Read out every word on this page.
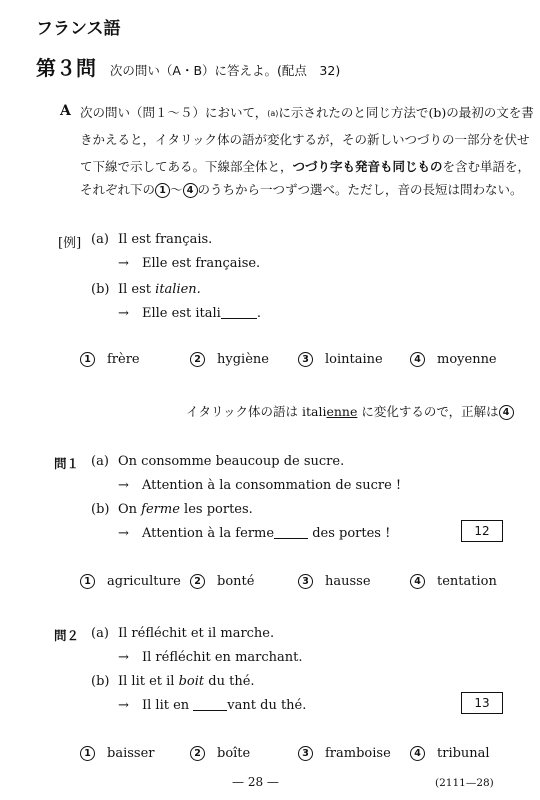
フランス語
第３問 次の問い（A・B）に答えよ。(配点　32)
A 次の問い（問１～５）において，(a)に示されたのと同じ方法で(b)の最初の文を書
きかえると，イタリック体の語が変化するが，その新しいつづりの一部分を伏せ
て下線で示してある。下線部全体と，つづり字も発音も同じものを含む単語を，
それぞれ下の 1 ～ 4 のうちから一つずつ選べ。ただし，音の長短は問わない。
[例] (a) Il est français.
→ Elle est française.
(b) Il est italien.
→ Elle est itali	.
1 frère	2 hygiène	3 lointaine	4 moyenne
イタリック体の語は italienne に変化するので，正解は 4
問１ (a) On consomme beaucoup de sucre.
→ Attention à la consommation de sucre !
(b) On ferme les portes.
→ Attention à la ferme	des portes !	12
1 agriculture	2 bonté	3 hausse	4 tentation
問２ (a) Il réfléchit et il marche.
→ Il réfléchit en marchant.
(b) Il lit et il boit du thé.
→ Il lit en	vant du thé.	13
1 baisser	2 boîte	3 framboise	4 tribunal
— 28 —	(2111—28)
